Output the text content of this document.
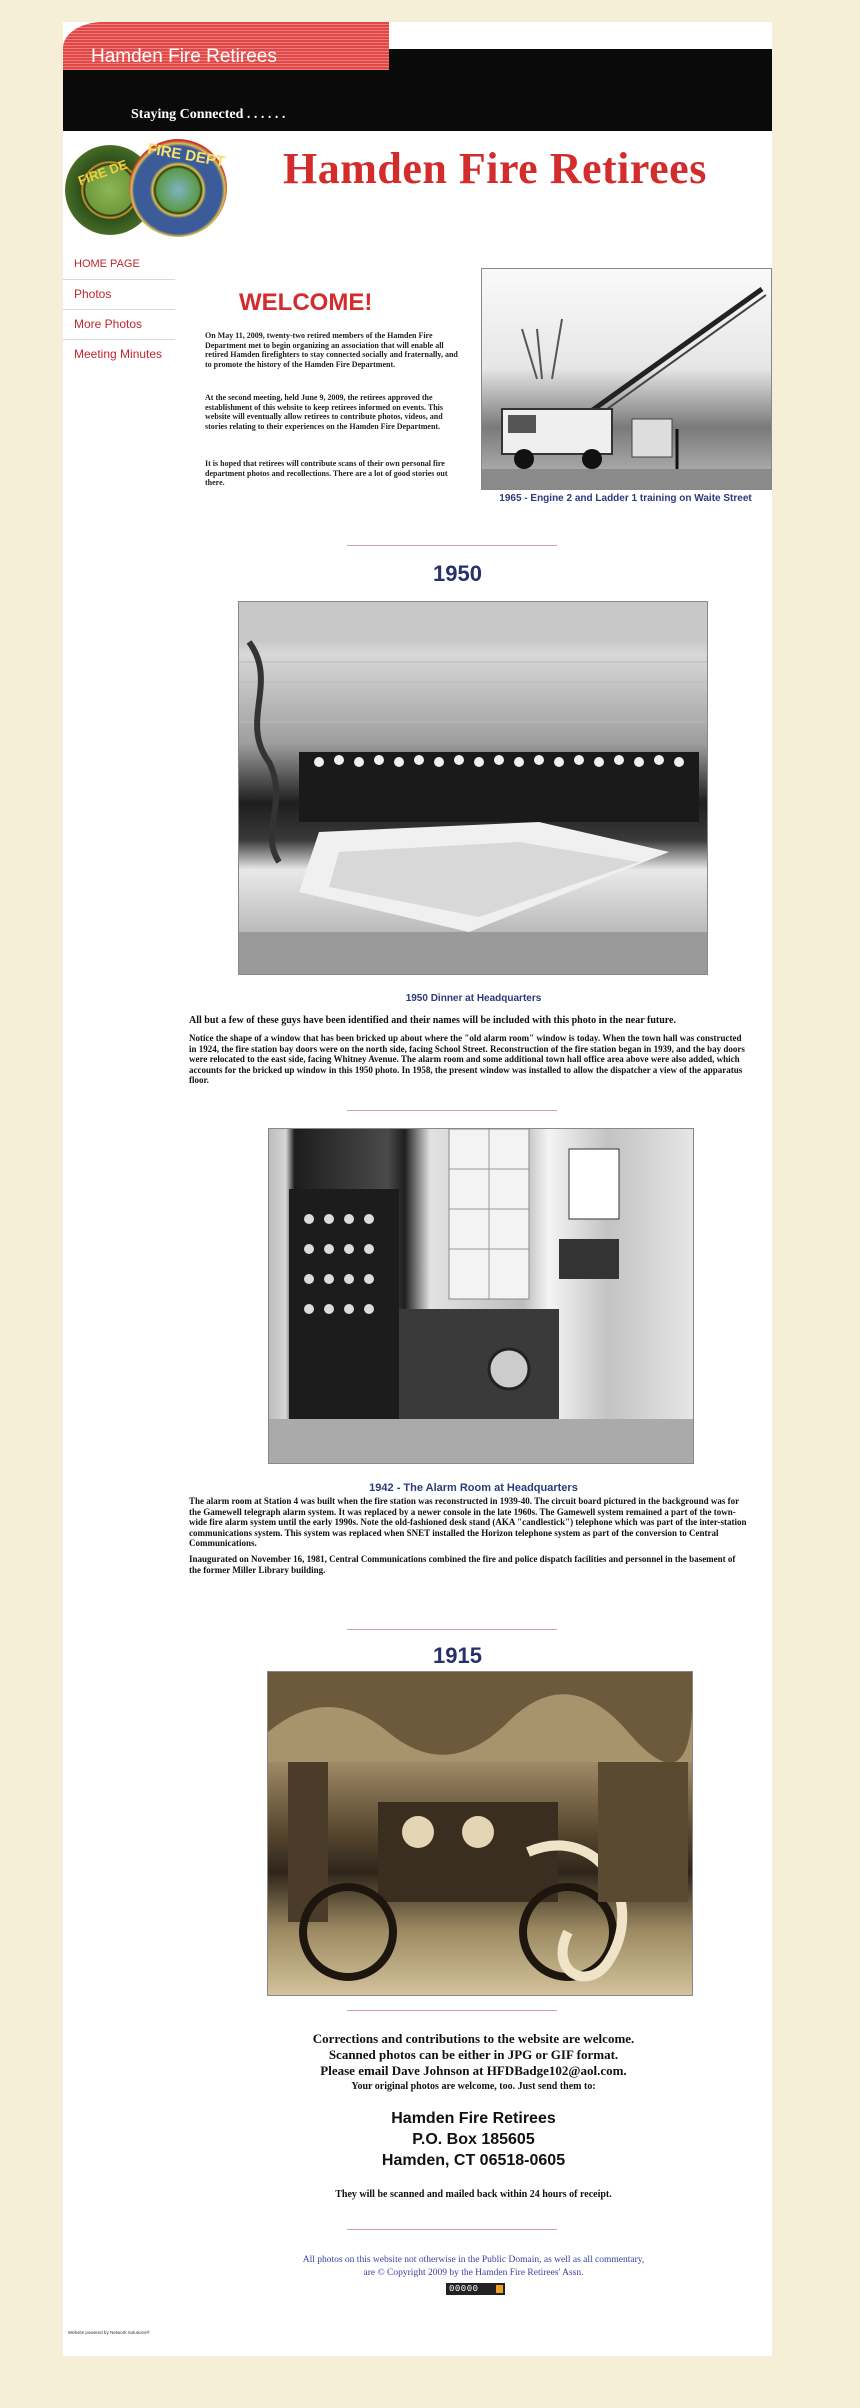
Hamden Fire Retirees
Staying Connected . . . . . .
FIRE DE
FIRE DEPT Hamden Fire Retirees
HOME PAGE
Photos
More Photos
Meeting Minutes
WELCOME!

On May 11, 2009, twenty-two retired members of the Hamden Fire Department met to begin organizing an association that will enable all retired Hamden firefighters to stay connected socially and fraternally, and to promote the history of the Hamden Fire Department.

At the second meeting, held June 9, 2009, the retirees approved the establishment of this website to keep retirees informed on events. This website will eventually allow retirees to contribute photos, videos, and stories relating to their experiences on the Hamden Fire Department.

It is hoped that retirees will contribute scans of their own personal fire department photos and recollections. There are a lot of good stories out there.

1965 - Engine 2 and Ladder 1 training on Waite Street
1950
1950 Dinner at Headquarters

All but a few of these guys have been identified and their names will be included with this photo in the near future.

Notice the shape of a window that has been bricked up about where the "old alarm room" window is today. When the town hall was constructed in 1924, the fire station bay doors were on the north side, facing School Street. Reconstruction of the fire station began in 1939, and the bay doors were relocated to the east side, facing Whitney Avenue. The alarm room and some additional town hall office area above were also added, which accounts for the bricked up window in this 1950 photo. In 1958, the present window was installed to allow the dispatcher a view of the apparatus floor.

1942 - The Alarm Room at Headquarters

The alarm room at Station 4 was built when the fire station was reconstructed in 1939-40. The circuit board pictured in the background was for the Gamewell telegraph alarm system. It was replaced by a newer console in the late 1960s. The Gamewell system remained a part of the town-wide fire alarm system until the early 1990s. Note the old-fashioned desk stand (AKA "candlestick") telephone which was part of the inter-station communications system. This system was replaced when SNET installed the Horizon telephone system as part of the conversion to Central Communications.

Inaugurated on November 16, 1981, Central Communications combined the fire and police dispatch facilities and personnel in the basement of the former Miller Library building.

1915
Corrections and contributions to the website are welcome.
Scanned photos can be either in JPG or GIF format.
Please email Dave Johnson at HFDBadge102@aol.com.
Your original photos are welcome, too. Just send them to:
Hamden Fire Retirees
P.O. Box 185605
Hamden, CT 06518-0605
They will be scanned and mailed back within 24 hours of receipt.
All photos on this website not otherwise in the Public Domain, as well as all commentary,
are © Copyright 2009 by the Hamden Fire Retirees' Assn.
00000
Website powered by Network Solutions®
